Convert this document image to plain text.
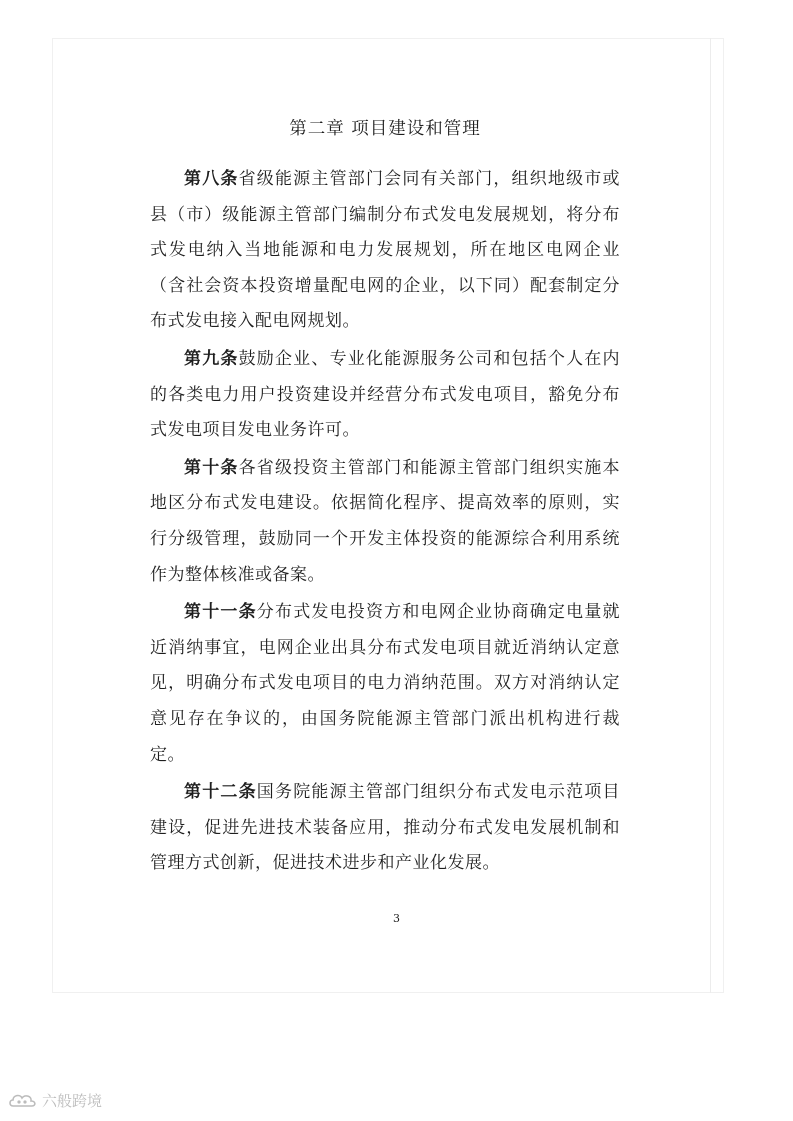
第二章 项目建设和管理

第八条省级能源主管部门会同有关部门，组织地级市或县（市）级能源主管部门编制分布式发电发展规划，将分布式发电纳入当地能源和电力发展规划，所在地区电网企业（含社会资本投资增量配电网的企业，以下同）配套制定分布式发电接入配电网规划。

第九条鼓励企业、专业化能源服务公司和包括个人在内的各类电力用户投资建设并经营分布式发电项目，豁免分布式发电项目发电业务许可。

第十条各省级投资主管部门和能源主管部门组织实施本地区分布式发电建设。依据简化程序、提高效率的原则，实行分级管理，鼓励同一个开发主体投资的能源综合利用系统作为整体核准或备案。

第十一条分布式发电投资方和电网企业协商确定电量就近消纳事宜，电网企业出具分布式发电项目就近消纳认定意见，明确分布式发电项目的电力消纳范围。双方对消纳认定意见存在争议的，由国务院能源主管部门派出机构进行裁定。

第十二条国务院能源主管部门组织分布式发电示范项目建设，促进先进技术装备应用，推动分布式发电发展机制和管理方式创新，促进技术进步和产业化发展。

3
六般跨境
